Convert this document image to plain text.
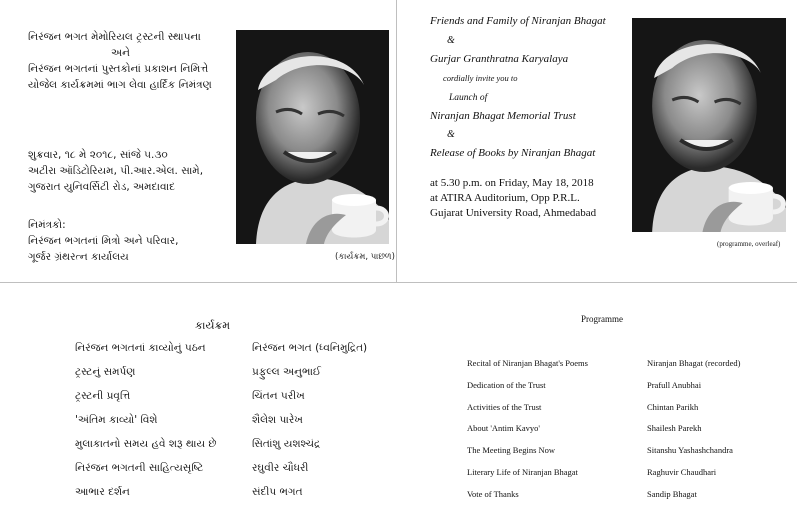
નિરંજન ભગત મેમોરિયલ ટ્રસ્ટની સ્થાપના
અને
નિરંજન ભગતનાં પુસ્તકોનાં પ્રકાશન નિમિત્તે
યોજેલ કાર્યક્રમમાં ભાગ લેવા હાર્દિક નિમંત્રણ
શુક્રવાર, ૧૮ મે ૨૦૧૮, સાંજે ૫.૩૦
અટીરા ઑડિટોરિયમ, પી.આર.એલ. સામે,
ગુજરાત યુનિવર્સિટી રોડ, અમદાવાદ
નિમંત્રકો:
નિરંજન ભગતનાં મિત્રો અને પરિવાર,
ગૂર્જર ગ્રંથરત્ન કાર્યાલય	(કાર્યક્રમ, પાછળ)
Friends and Family of Niranjan Bhagat
&
Gurjar Granthratna Karyalaya
cordially invite you to
Launch of
Niranjan Bhagat Memorial Trust
&
Release of Books by Niranjan Bhagat
at 5.30 p.m. on Friday, May 18, 2018
at ATIRA Auditorium, Opp P.R.L.
Gujarat University Road, Ahmedabad
(programme, overleaf)
કાર્યક્રમ
નિરંજન ભગતનાં કાવ્યોનું પઠન	નિરંજન ભગત (ધ્વનિમુદ્રિત)
ટ્રસ્ટનું સમર્પણ	પ્રફુલ્લ અનુભાઈ
ટ્રસ્ટની પ્રવૃત્તિ	ચિંતન પરીખ
'અંતિમ કાવ્યો' વિશે	શૈલેશ પારેખ
મુલાકાતનો સમય હવે શરૂ થાય છે	સિતાંશુ યશશ્ચંદ્ર
નિરંજન ભગતની સાહિત્યસૃષ્ટિ	રઘુવીર ચૌધરી
આભાર દર્શન	સંદીપ ભગત
Programme
Recital of Niranjan Bhagat's Poems	Niranjan Bhagat (recorded)
Dedication of the Trust	Prafull Anubhai
Activities of the Trust	Chintan Parikh
About 'Antim Kavyo'	Shailesh Parekh
The Meeting Begins Now	Sitanshu Yashashchandra
Literary Life of Niranjan Bhagat	Raghuvir Chaudhari
Vote of Thanks	Sandip Bhagat
